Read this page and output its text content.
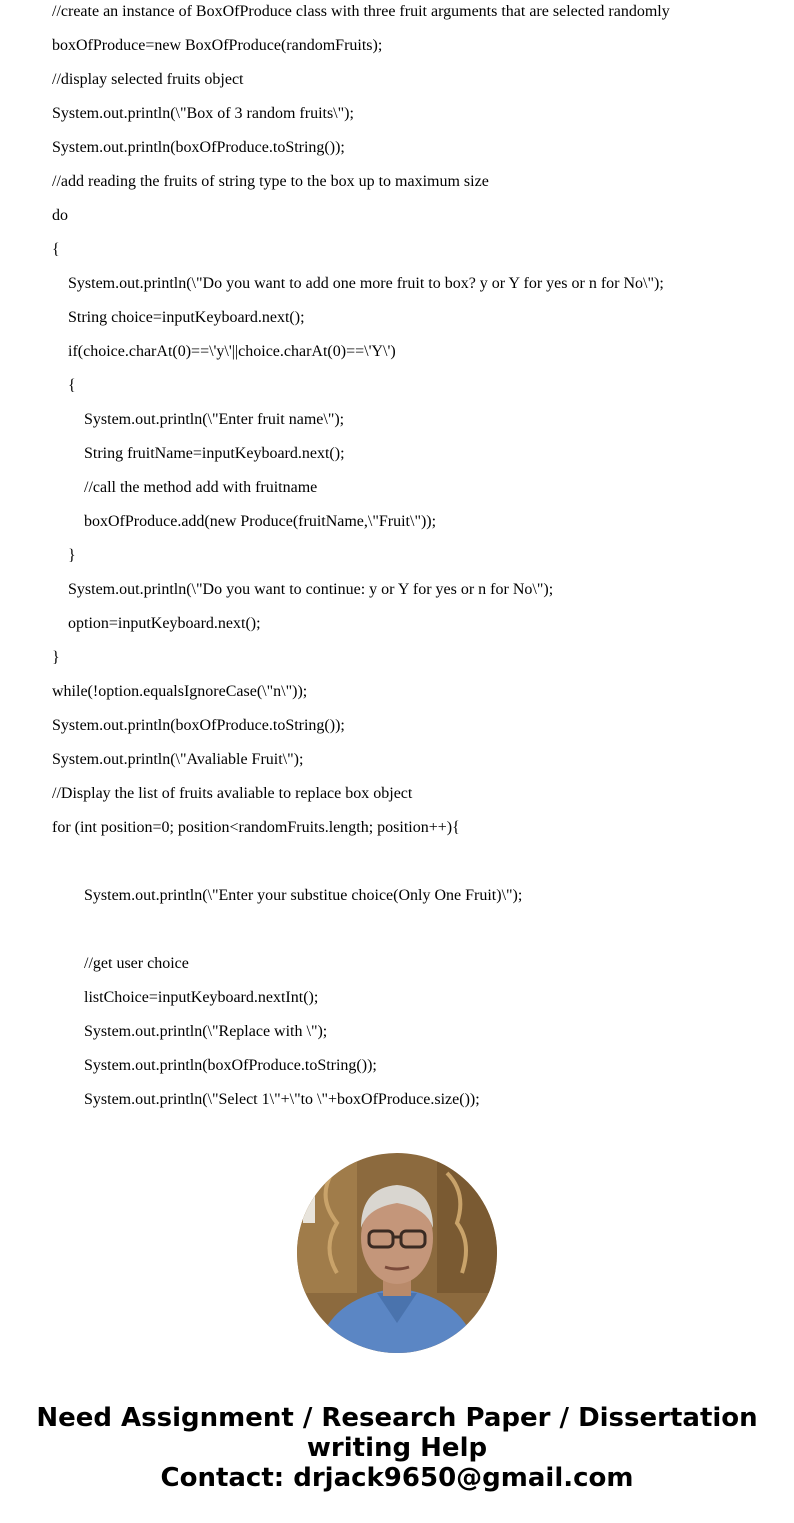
//create an instance of BoxOfProduce class with three fruit arguments that are selected randomly
boxOfProduce=new BoxOfProduce(randomFruits);
//display selected fruits object
System.out.println(\"Box of 3 random fruits\");
System.out.println(boxOfProduce.toString());
//add reading the fruits of string type to the box up to maximum size
do
{
System.out.println(\"Do you want to add one more fruit to box? y or Y for yes or n for No\");
String choice=inputKeyboard.next();
if(choice.charAt(0)==\'y\'||choice.charAt(0)==\'Y\')
{
System.out.println(\"Enter fruit name\");
String fruitName=inputKeyboard.next();
//call the method add with fruitname
boxOfProduce.add(new Produce(fruitName,\"Fruit\"));
}
System.out.println(\"Do you want to continue: y or Y for yes or n for No\");
option=inputKeyboard.next();
}
while(!option.equalsIgnoreCase(\"n\"));
System.out.println(boxOfProduce.toString());
System.out.println(\"Avaliable Fruit\");
//Display the list of fruits avaliable to replace box object
for (int position=0; position<randomFruits.length; position++){
System.out.println(\"Enter your substitue choice(Only One Fruit)\");
//get user choice
listChoice=inputKeyboard.nextInt();
System.out.println(\"Replace with \");
System.out.println(boxOfProduce.toString());
System.out.println(\"Select 1\"+\"to \"+boxOfProduce.size());
Need Assignment / Research Paper / Dissertation
writing Help
Contact: drjack9650@gmail.com
